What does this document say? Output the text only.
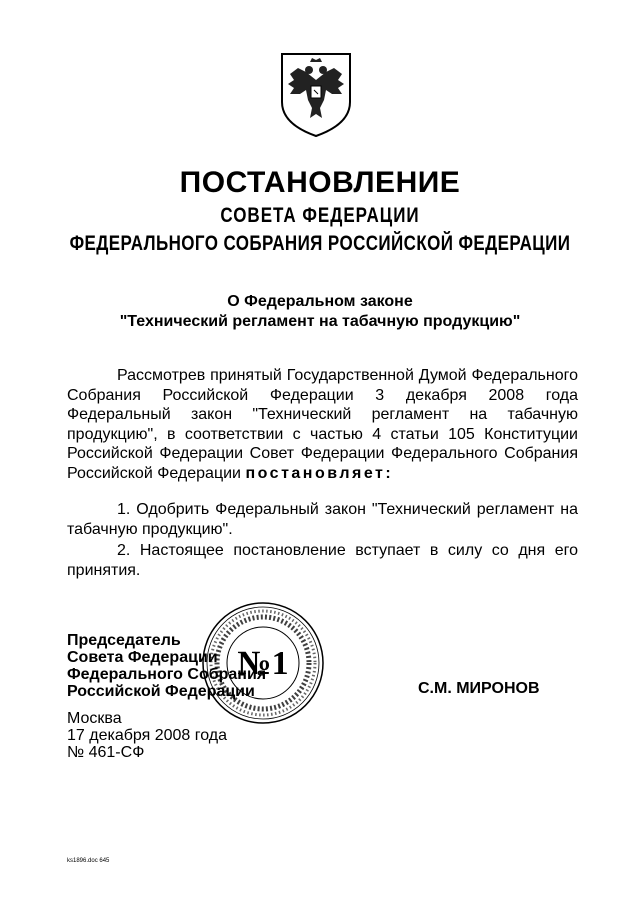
ПОСТАНОВЛЕНИЕ
СОВЕТА ФЕДЕРАЦИИ
ФЕДЕРАЛЬНОГО СОБРАНИЯ РОССИЙСКОЙ ФЕДЕРАЦИИ
О Федеральном законе
"Технический регламент на табачную продукцию"
Рассмотрев принятый Государственной Думой Федерального Собрания Российской Федерации 3 декабря 2008 года Федеральный закон "Технический регламент на табачную продукцию", в соответствии с частью 4 статьи 105 Конституции Российской Федерации Совет Федерации Федерального Собрания Российской Федерации постановляет:
1. Одобрить Федеральный закон "Технический регламент на табачную продукцию".
2. Настоящее постановление вступает в силу со дня его принятия.
Председатель
Совета Федерации
Федерального Собрания
Российской Федерации
№1
С.М. МИРОНОВ
Москва
17 декабря 2008 года
№ 461-СФ
ks1896.doc 645
